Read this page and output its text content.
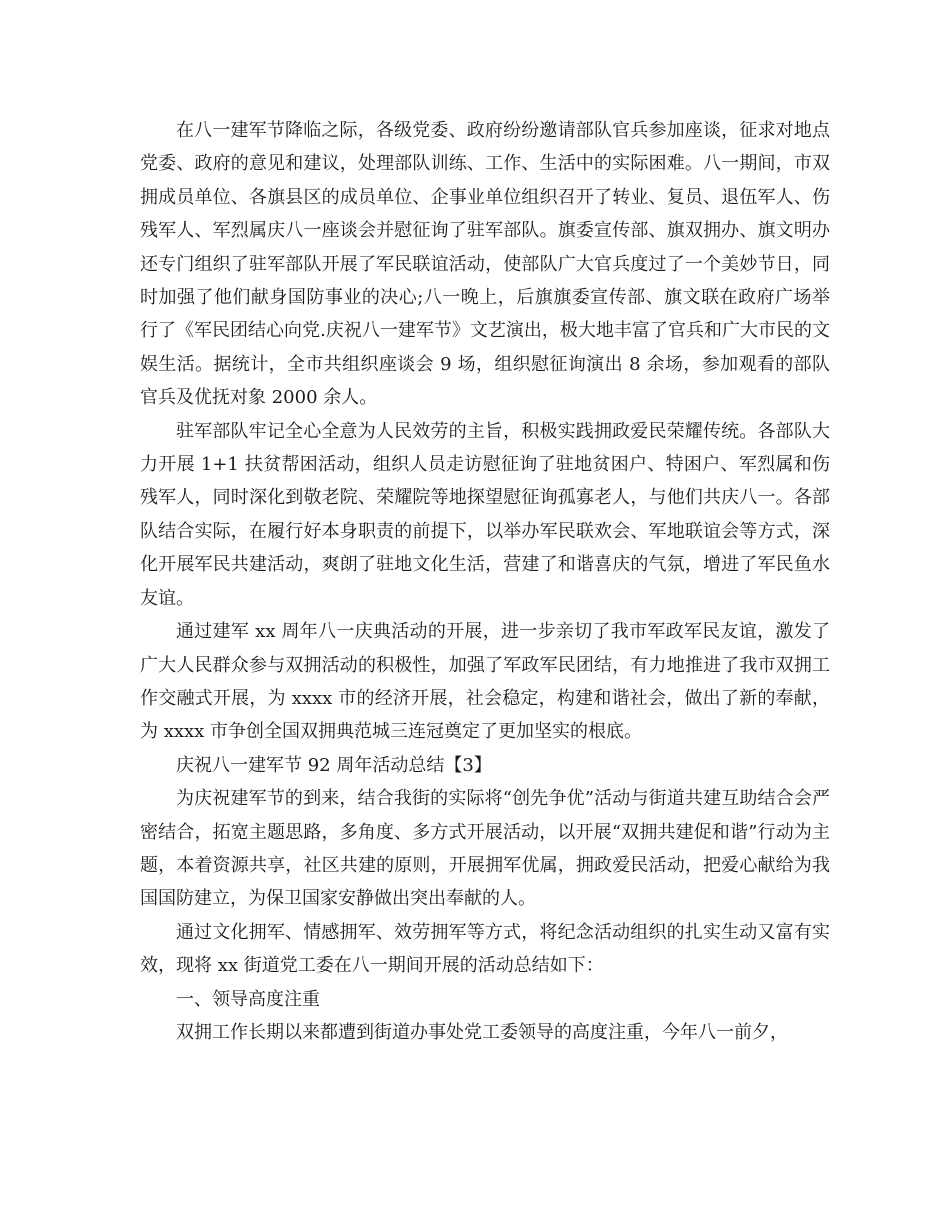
在八一建军节降临之际，各级党委、政府纷纷邀请部队官兵参加座谈，征求对地点党委、政府的意见和建议，处理部队训练、工作、生活中的实际困难。八一期间，市双拥成员单位、各旗县区的成员单位、企事业单位组织召开了转业、复员、退伍军人、伤残军人、军烈属庆八一座谈会并慰征询了驻军部队。旗委宣传部、旗双拥办、旗文明办还专门组织了驻军部队开展了军民联谊活动，使部队广大官兵度过了一个美妙节日，同时加强了他们献身国防事业的决心;八一晚上，后旗旗委宣传部、旗文联在政府广场举行了《军民团结心向党.庆祝八一建军节》文艺演出，极大地丰富了官兵和广大市民的文娱生活。据统计，全市共组织座谈会 9 场，组织慰征询演出 8 余场，参加观看的部队官兵及优抚对象 2000 余人。

驻军部队牢记全心全意为人民效劳的主旨，积极实践拥政爱民荣耀传统。各部队大力开展 1+1 扶贫帮困活动，组织人员走访慰征询了驻地贫困户、特困户、军烈属和伤残军人，同时深化到敬老院、荣耀院等地探望慰征询孤寡老人，与他们共庆八一。各部队结合实际，在履行好本身职责的前提下，以举办军民联欢会、军地联谊会等方式，深化开展军民共建活动，爽朗了驻地文化生活，营建了和谐喜庆的气氛，增进了军民鱼水友谊。

通过建军 xx 周年八一庆典活动的开展，进一步亲切了我市军政军民友谊，激发了广大人民群众参与双拥活动的积极性，加强了军政军民团结，有力地推进了我市双拥工作交融式开展，为 xxxx 市的经济开展，社会稳定，构建和谐社会，做出了新的奉献，为 xxxx 市争创全国双拥典范城三连冠奠定了更加坚实的根底。

庆祝八一建军节 92 周年活动总结【3】

为庆祝建军节的到来，结合我街的实际将“创先争优”活动与街道共建互助结合会严密结合，拓宽主题思路，多角度、多方式开展活动，以开展“双拥共建促和谐”行动为主题，本着资源共享，社区共建的原则，开展拥军优属，拥政爱民活动，把爱心献给为我国国防建立，为保卫国家安静做出突出奉献的人。

通过文化拥军、情感拥军、效劳拥军等方式，将纪念活动组织的扎实生动又富有实效，现将 xx 街道党工委在八一期间开展的活动总结如下：

一、领导高度注重

双拥工作长期以来都遭到街道办事处党工委领导的高度注重，今年八一前夕，
